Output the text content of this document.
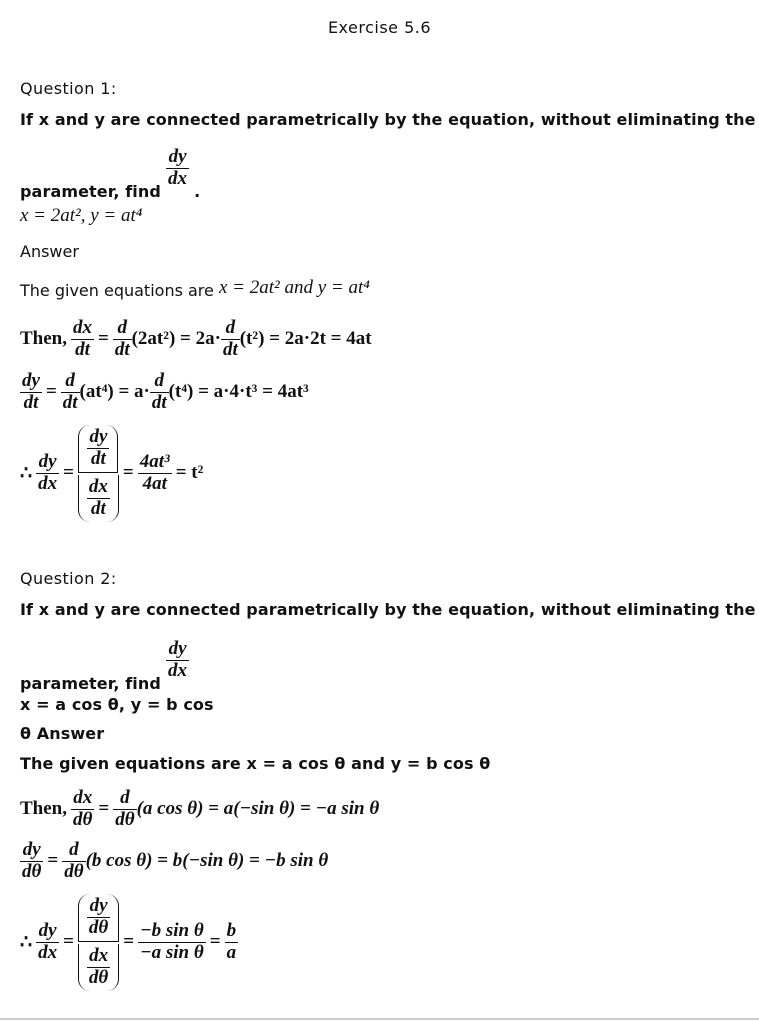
Exercise 5.6
Question 1:
If x and y are connected parametrically by the equation, without eliminating the
parameter, find
$\frac{dy}{dx}$
.
x = 2at², y = at⁴
Answer
The given equations are x = 2at² and y = at⁴
Then, $\frac{dx}{dt} = \frac{d}{dt} (2at^2) = 2a\cdot \frac{d}{dt} (t^2) = 2a\cdot 2t = 4at$
$\frac{dy}{dt} = \frac{d}{dt} (at^4) = a\cdot \frac{d}{dt} (t^4) = a\cdot 4\cdot t^3 = 4at^3$
∴ $\frac{dy}{dx}$ =
$\frac{dy}{dt}$
$\frac{dx}{dt}$
= $\frac{\text{4at³}}{4at} = t^2$
Question 2:
If x and y are connected parametrically by the equation, without eliminating the
parameter, find
$\frac{dy}{dx}$
x = a cos θ, y = b cos
θ Answer
The given equations are x = a cos θ and y = b cos θ
Then, $\frac{dx}{d\theta} = \frac{d}{d\theta} (a$ cos θ) = a(−sin θ) = −a sin θ
$\frac{dy}{d\theta} = \frac{d}{d\theta} (b$ cos θ) = b(−sin θ) = −b sin θ
∴ $\frac{dy}{dx}$ =
$\frac{dy}{d\theta}$
$\frac{dx}{d\theta}$
= $\frac{\text{−b sin θ}}{\text{−a sin θ}} = \frac{b}{a}$
